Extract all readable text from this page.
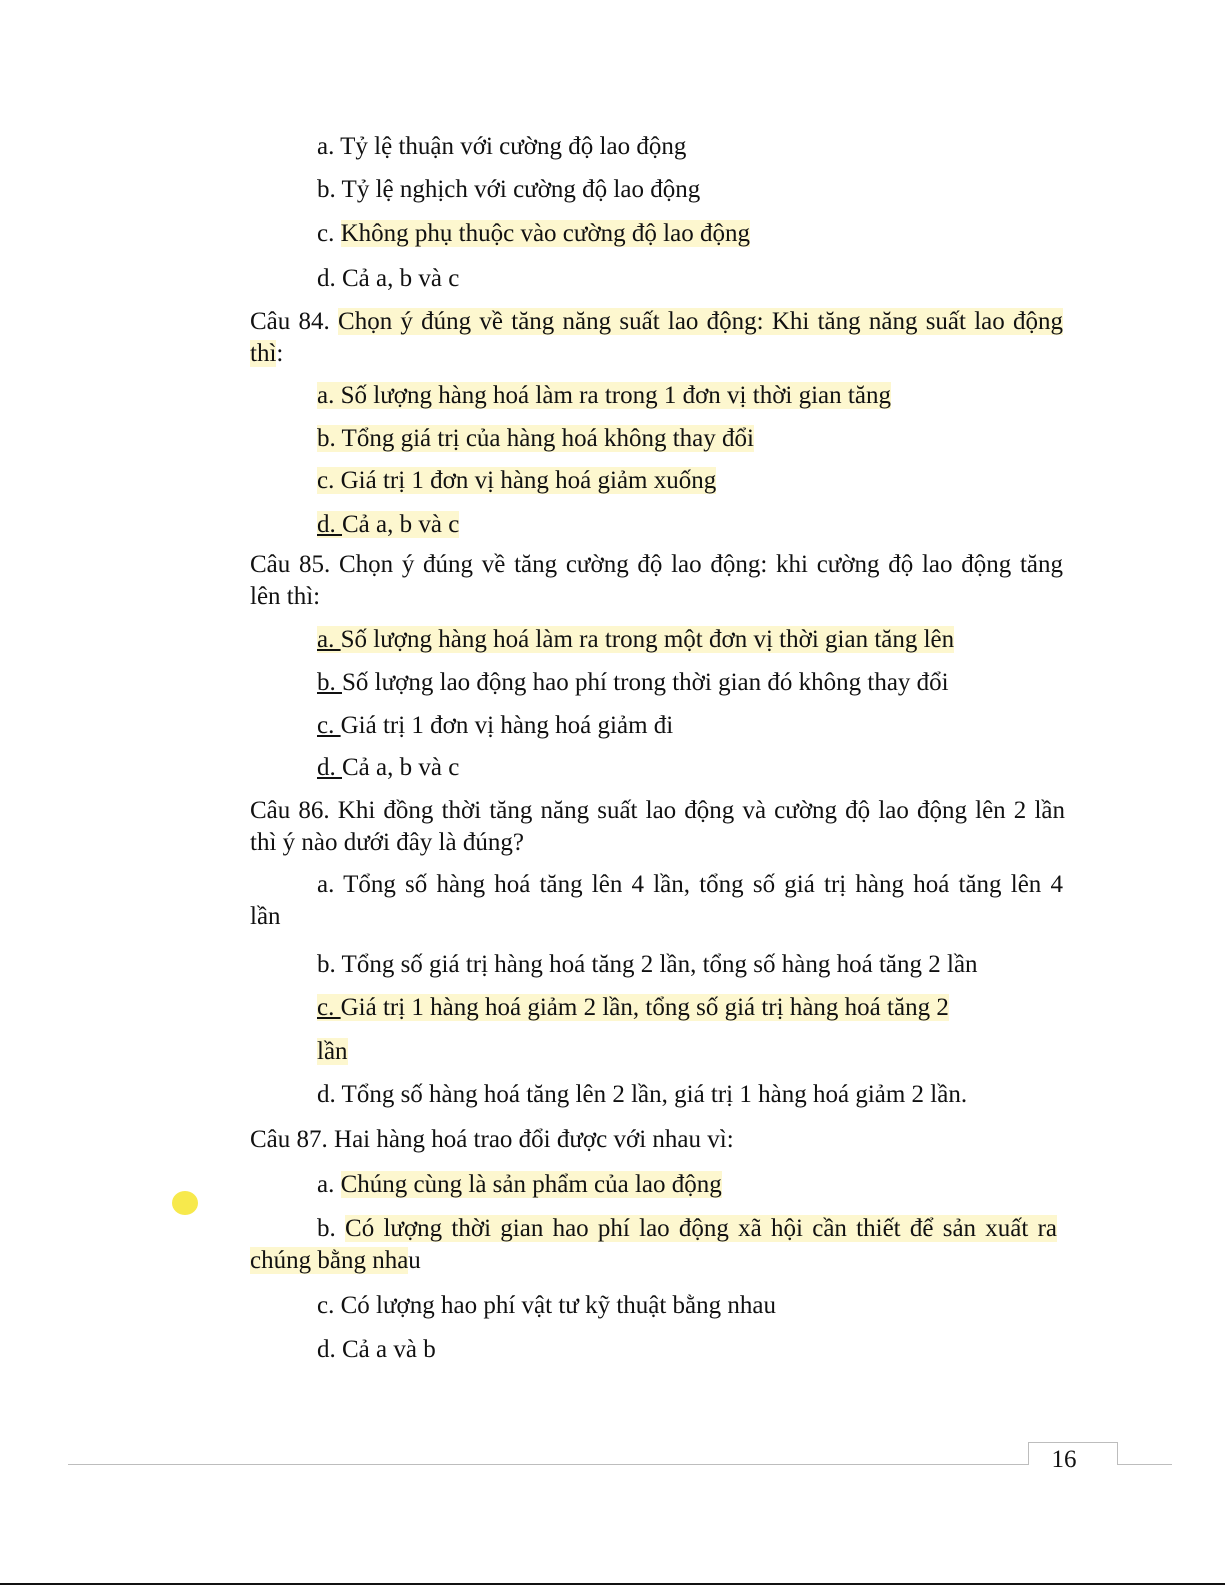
a. Tỷ lệ thuận với cường độ lao động
b. Tỷ lệ nghịch với cường độ lao động
c. Không phụ thuộc vào cường độ lao động
d. Cả a, b và c
Câu 84. Chọn ý đúng về tăng năng suất lao động: Khi tăng năng suất lao động
thì:
a. Số lượng hàng hoá làm ra trong 1 đơn vị thời gian tăng
b. Tổng giá trị của hàng hoá không thay đổi
c. Giá trị 1 đơn vị hàng hoá giảm xuống
d. Cả a, b và c
Câu 85. Chọn ý đúng về tăng cường độ lao động: khi cường độ lao động tăng
lên thì:
a. Số lượng hàng hoá làm ra trong một đơn vị thời gian tăng lên
b. Số lượng lao động hao phí trong thời gian đó không thay đổi
c. Giá trị 1 đơn vị hàng hoá giảm đi
d. Cả a, b và c
Câu 86. Khi đồng thời tăng năng suất lao động và cường độ lao động lên 2 lần
thì ý nào dưới đây là đúng?
a. Tổng số hàng hoá tăng lên 4 lần, tổng số giá trị hàng hoá tăng lên 4
lần
b. Tổng số giá trị hàng hoá tăng 2 lần, tổng số hàng hoá tăng 2 lần
c. Giá trị 1 hàng hoá giảm 2 lần, tổng số giá trị hàng hoá tăng 2
lần
d. Tổng số hàng hoá tăng lên 2 lần, giá trị 1 hàng hoá giảm 2 lần.
Câu 87. Hai hàng hoá trao đổi được với nhau vì:
a. Chúng cùng là sản phẩm của lao động
b. Có lượng thời gian hao phí lao động xã hội cần thiết để sản xuất ra
chúng bằng nhau
c. Có lượng hao phí vật tư kỹ thuật bằng nhau
d. Cả a và b
16
